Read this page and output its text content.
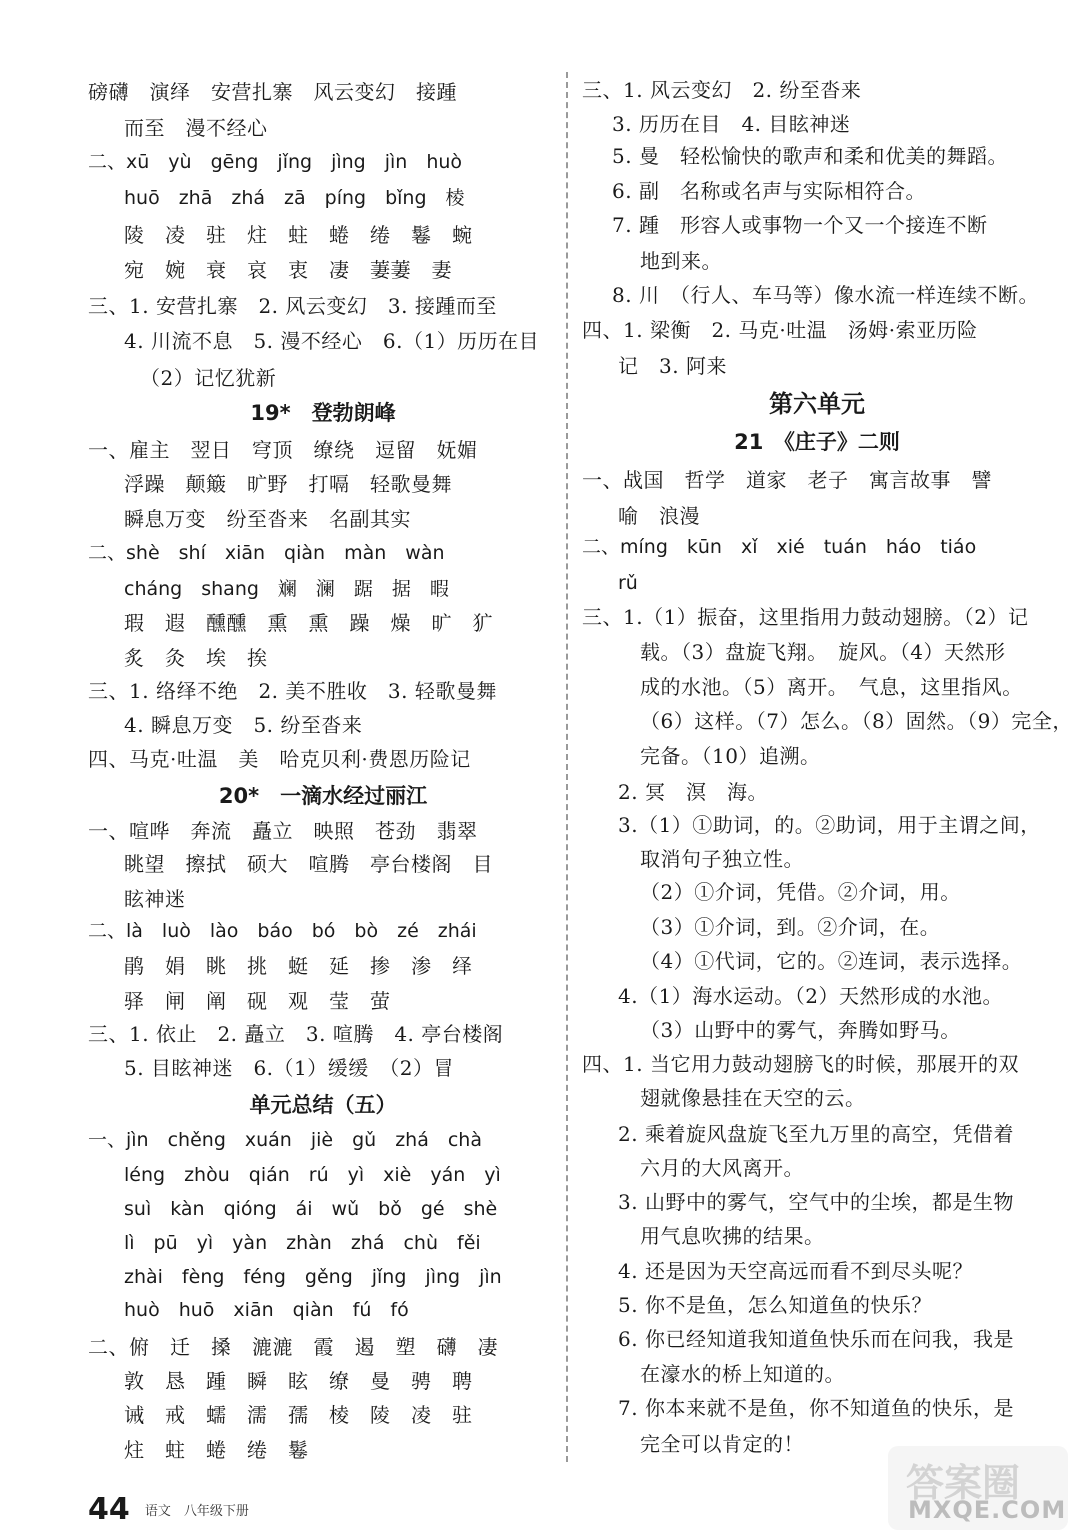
磅礴　演绎　安营扎寨　风云变幻　接踵
而至　漫不经心
二、xū　yù　gēng　jǐng　jìng　jìn　huò
huō　zhā　zhá　zā　píng　bǐng　棱
陵　凌　驻　炷　蛀　蜷　绻　鬈　蜿
宛　婉　衰　哀　衷　凄　萋萋　妻
三、1. 安营扎寨　2. 风云变幻　3. 接踵而至
4. 川流不息　5. 漫不经心　6.（1）历历在目
（2）记忆犹新
19*　登勃朗峰
一、雇主　翌日　穹顶　缭绕　逗留　妩媚
浮躁　颠簸　旷野　打嗝　轻歌曼舞
瞬息万变　纷至沓来　名副其实
二、shè　shí　xiān　qiàn　màn　wàn
cháng　shang　斓　澜　踞　据　暇
瑕　遐　醺醺　熏　熏　躁　燥　旷　犷
炙　灸　埃　挨
三、1. 络绎不绝　2. 美不胜收　3. 轻歌曼舞
4. 瞬息万变　5. 纷至沓来
四、马克·吐温　美　哈克贝利·费恩历险记
20*　一滴水经过丽江
一、喧哗　奔流　矗立　映照　苍劲　翡翠
眺望　擦拭　硕大　喧腾　亭台楼阁　目
眩神迷
二、là　luò　lào　báo　bó　bò　zé　zhái
鹃　娟　眺　挑　蜓　延　掺　渗　绎
驿　闸　阐　砚　观　莹　萤
三、1. 依止　2. 矗立　3. 喧腾　4. 亭台楼阁
5. 目眩神迷　6.（1）缓缓　（2）冒
单元总结（五）
一、jìn　chěng　xuán　jiè　gǔ　zhá　chà
léng　zhòu　qián　rú　yì　xiè　yán　yì
suì　kàn　qióng　ái　wǔ　bǒ　gé　shè
lì　pū　yì　yàn　zhàn　zhá　chù　fěi
zhài　fèng　féng　gěng　jǐng　jìng　jìn
huò　huō　xiān　qiàn　fú　fó
二、俯　迁　搡　漉漉　霞　遏　塑　礴　凄
敦　恳　踵　瞬　眩　缭　曼　骋　聘
诫　戒　蠕　濡　孺　棱　陵　凌　驻
炷　蛀　蜷　绻　鬈
三、1. 风云变幻　2. 纷至沓来
3. 历历在目　4. 目眩神迷
5. 曼　轻松愉快的歌声和柔和优美的舞蹈。
6. 副　名称或名声与实际相符合。
7. 踵　形容人或事物一个又一个接连不断
地到来。
8. 川　（行人、车马等）像水流一样连续不断。
四、1. 梁衡　2. 马克·吐温　汤姆·索亚历险
记　3. 阿来
第六单元
21　《庄子》二则
一、战国　哲学　道家　老子　寓言故事　譬
喻　浪漫
二、míng　kūn　xǐ　xié　tuán　háo　tiáo
rǔ
三、1.（1）振奋，这里指用力鼓动翅膀。（2）记
载。（3）盘旋飞翔。　旋风。（4）天然形
成的水池。（5）离开。　气息，这里指风。
（6）这样。（7）怎么。（8）固然。（9）完全，
完备。（10）追溯。
2. 冥　溟　海。
3.（1）①助词，的。②助词，用于主谓之间，
取消句子独立性。
（2）①介词，凭借。②介词，用。
（3）①介词，到。②介词，在。
（4）①代词，它的。②连词，表示选择。
4.（1）海水运动。（2）天然形成的水池。
（3）山野中的雾气，奔腾如野马。
四、1. 当它用力鼓动翅膀飞的时候，那展开的双
翅就像悬挂在天空的云。
2. 乘着旋风盘旋飞至九万里的高空，凭借着
六月的大风离开。
3. 山野中的雾气，空气中的尘埃，都是生物
用气息吹拂的结果。
4. 还是因为天空高远而看不到尽头呢？
5. 你不是鱼，怎么知道鱼的快乐？
6. 你已经知道我知道鱼快乐而在问我，我是
在濠水的桥上知道的。
7. 你本来就不是鱼，你不知道鱼的快乐，是
完全可以肯定的！
44 语文　八年级下册
答案圈
MXQE.COM
